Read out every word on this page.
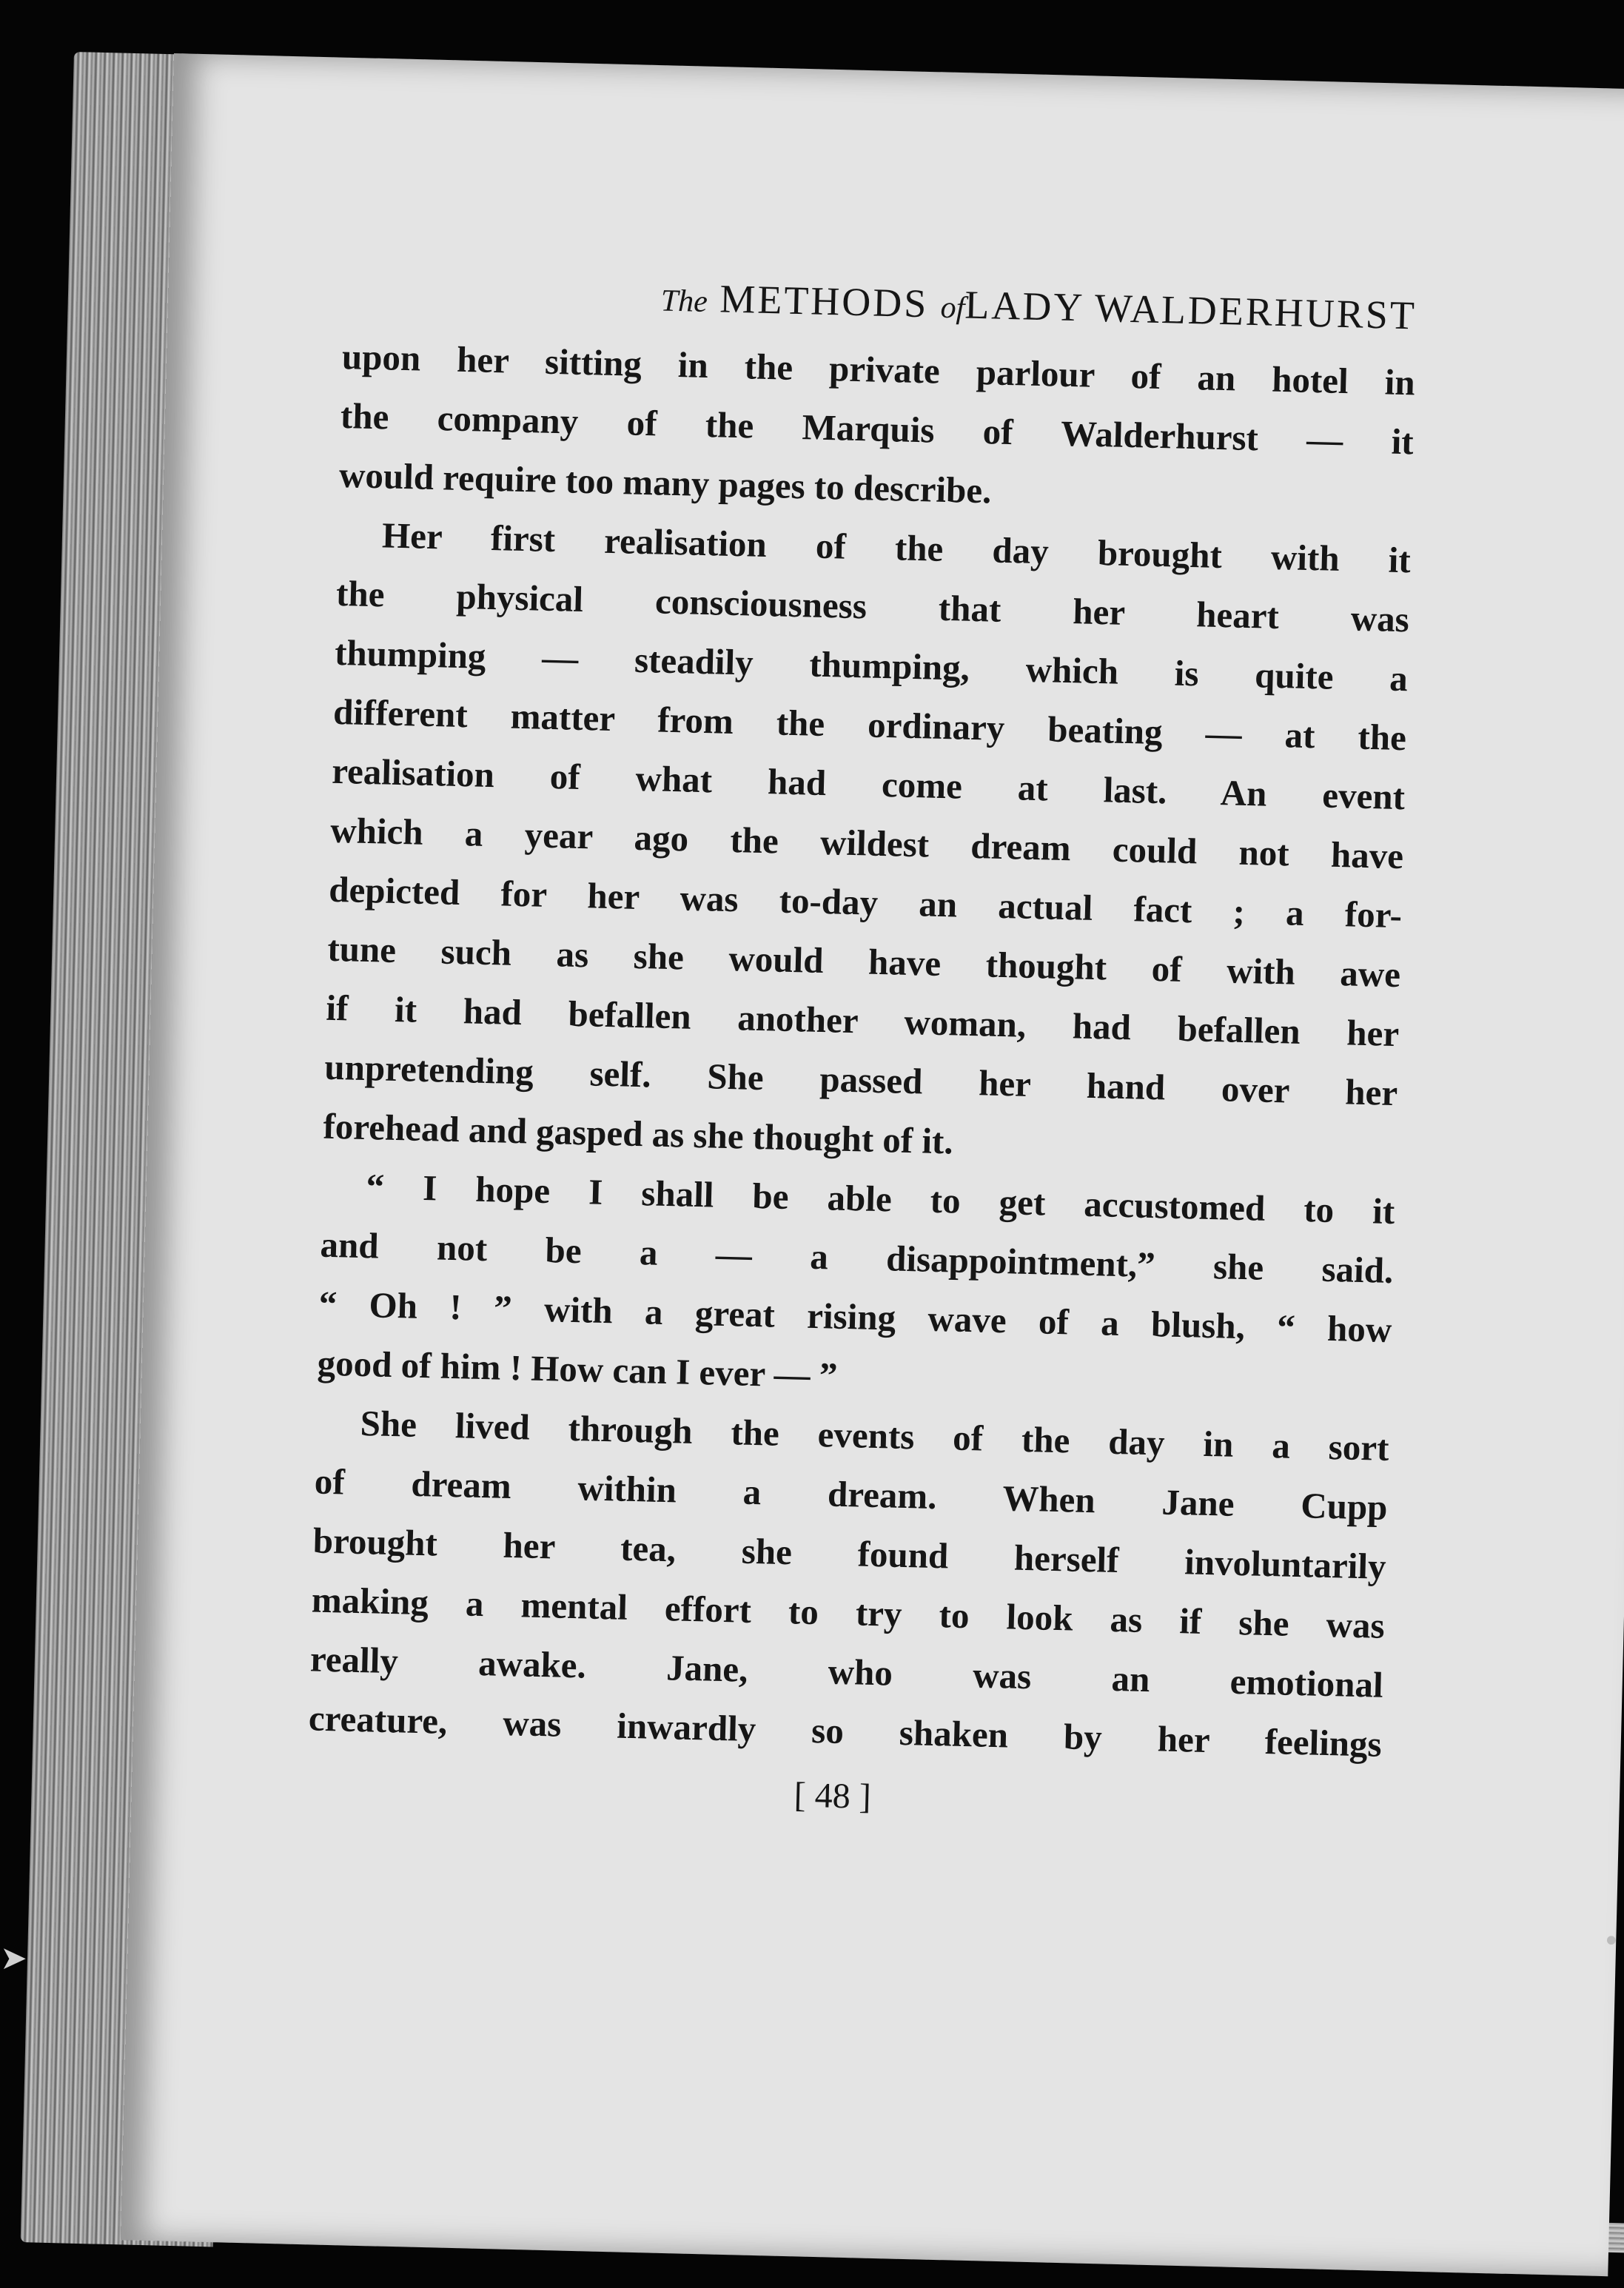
The METHODS ofLADY WALDERHURST
upon her sitting in the private parlour of an hotel in
the company of the Marquis of Walderhurst — it
would require too many pages to describe.
Her first realisation of the day brought with it
the physical consciousness that her heart was
thumping — steadily thumping, which is quite a
different matter from the ordinary beating — at the
realisation of what had come at last. An event
which a year ago the wildest dream could not have
depicted for her was to-day an actual fact ; a for-
tune such as she would have thought of with awe
if it had befallen another woman, had befallen her
unpretending self. She passed her hand over her
forehead and gasped as she thought of it.
“ I hope I shall be able to get accustomed to it
and not be a — a disappointment,” she said.
“ Oh ! ” with a great rising wave of a blush, “ how
good of him ! How can I ever — ”
She lived through the events of the day in a sort
of dream within a dream. When Jane Cupp
brought her tea, she found herself involuntarily
making a mental effort to try to look as if she was
really awake. Jane, who was an emotional
creature, was inwardly so shaken by her feelings
[ 48 ]
➤	•
